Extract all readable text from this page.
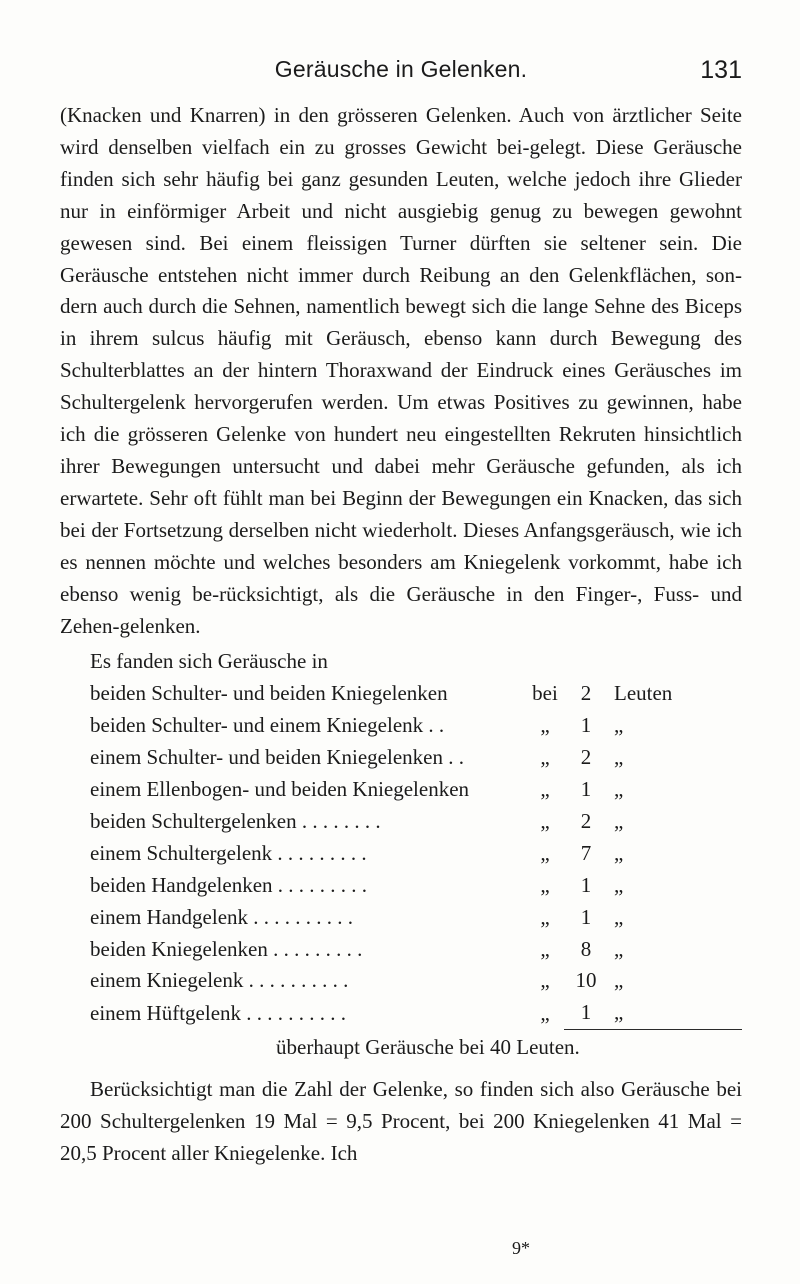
Geräusche in Gelenken.	131

(Knacken und Knarren) in den grösseren Gelenken. Auch von ärztlicher Seite wird denselben vielfach ein zu grosses Gewicht bei-gelegt. Diese Geräusche finden sich sehr häufig bei ganz gesunden Leuten, welche jedoch ihre Glieder nur in einförmiger Arbeit und nicht ausgiebig genug zu bewegen gewohnt gewesen sind. Bei einem fleissigen Turner dürften sie seltener sein. Die Geräusche entstehen nicht immer durch Reibung an den Gelenkflächen, son-dern auch durch die Sehnen, namentlich bewegt sich die lange Sehne des Biceps in ihrem sulcus häufig mit Geräusch, ebenso kann durch Bewegung des Schulterblattes an der hintern Thoraxwand der Eindruck eines Geräusches im Schultergelenk hervorgerufen werden. Um etwas Positives zu gewinnen, habe ich die grösseren Gelenke von hundert neu eingestellten Rekruten hinsichtlich ihrer Bewegungen untersucht und dabei mehr Geräusche gefunden, als ich erwartete. Sehr oft fühlt man bei Beginn der Bewegungen ein Knacken, das sich bei der Fortsetzung derselben nicht wiederholt. Dieses Anfangsgeräusch, wie ich es nennen möchte und welches besonders am Kniegelenk vorkommt, habe ich ebenso wenig be-rücksichtigt, als die Geräusche in den Finger-, Fuss- und Zehen-gelenken.

Es fanden sich Geräusche in

beiden Schulter- und beiden Kniegelenken	bei	2	Leuten
beiden Schulter- und einem Kniegelenk . .	„	1	„
einem Schulter- und beiden Kniegelenken . .	„	2	„
einem Ellenbogen- und beiden Kniegelenken	„	1	„
beiden Schultergelenken . . . . . . . .	„	2	„
einem Schultergelenk . . . . . . . . .	„	7	„
beiden Handgelenken . . . . . . . . .	„	1	„
einem Handgelenk . . . . . . . . . .	„	1	„
beiden Kniegelenken . . . . . . . . .	„	8	„
einem Kniegelenk . . . . . . . . . .	„	10	„
einem Hüftgelenk . . . . . . . . . .	„	1	„

überhaupt Geräusche bei 40 Leuten.

Berücksichtigt man die Zahl der Gelenke, so finden sich also Geräusche bei 200 Schultergelenken 19 Mal = 9,5 Procent, bei 200 Kniegelenken 41 Mal = 20,5 Procent aller Kniegelenke. Ich

9*
